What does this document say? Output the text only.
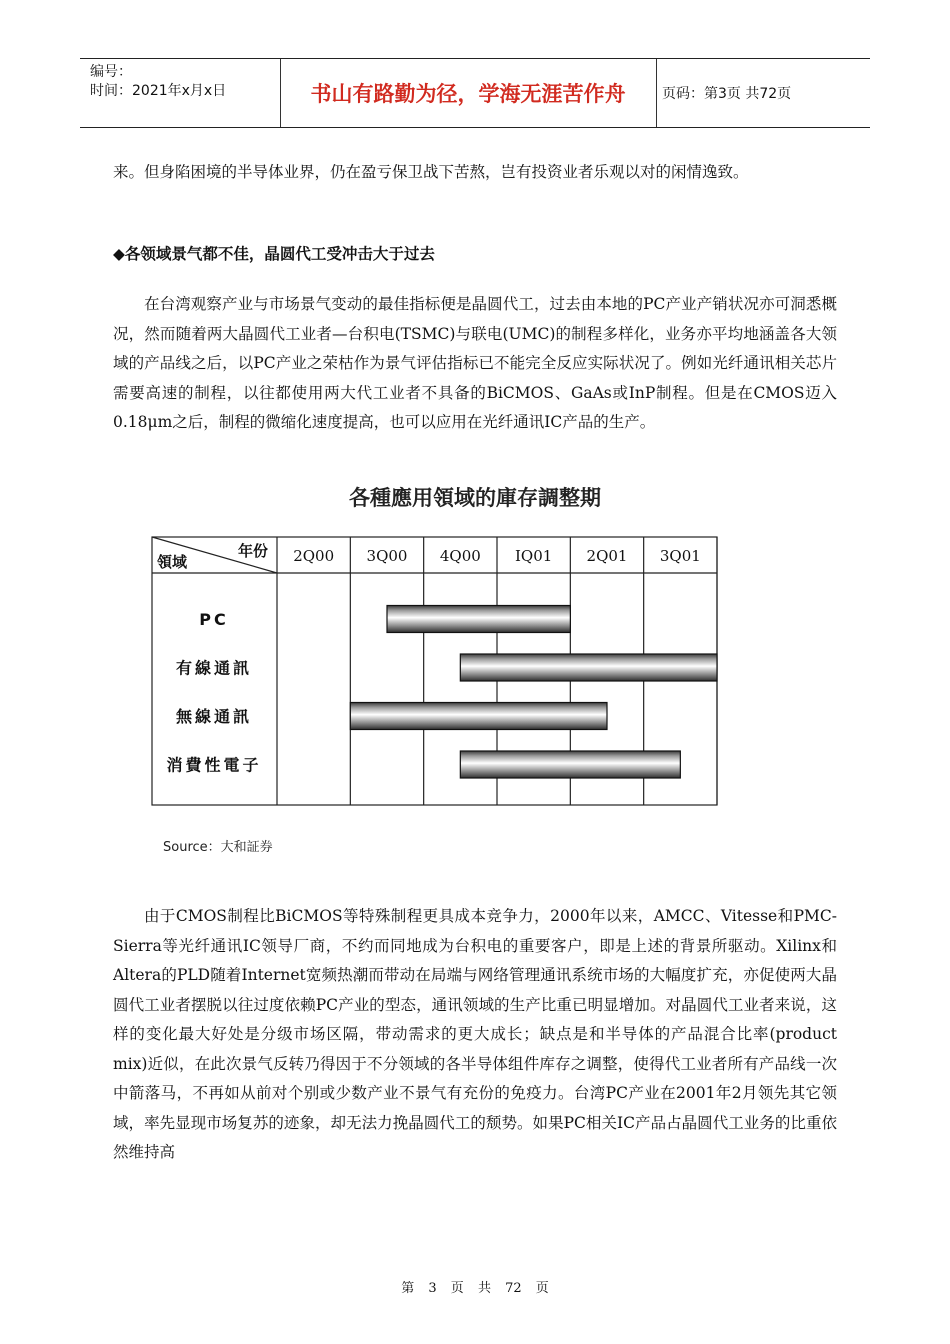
编号：
时间：2021年x月x日	书山有路勤为径，学海无涯苦作舟	页码：第3页 共72页

来。但身陷困境的半导体业界，仍在盈亏保卫战下苦熬，岂有投资业者乐观以对的闲情逸致。

◆各领域景气都不佳，晶圆代工受冲击大于过去

在台湾观察产业与市场景气变动的最佳指标便是晶圆代工，过去由本地的PC产业产销状况亦可洞悉概况，然而随着两大晶圆代工业者—台积电(TSMC)与联电(UMC)的制程多样化，业务亦平均地涵盖各大领域的产品线之后，以PC产业之荣枯作为景气评估指标已不能完全反应实际状况了。例如光纤通讯相关芯片需要高速的制程，以往都使用两大代工业者不具备的BiCMOS、GaAs或InP制程。但是在CMOS迈入0.18μm之后，制程的微缩化速度提高，也可以应用在光纤通讯IC产品的生产。

各種應用領域的庫存調整期
年份
領域	2Q00 3Q00 4Q00 IQ01 2Q01 3Q01
PC
有線通訊
無線通訊
消費性電子
Source：大和証券

由于CMOS制程比BiCMOS等特殊制程更具成本竞争力，2000年以来，AMCC、Vitesse和PMC-Sierra等光纤通讯IC领导厂商，不约而同地成为台积电的重要客户，即是上述的背景所驱动。Xilinx和Altera的PLD随着Internet宽频热潮而带动在局端与网络管理通讯系统市场的大幅度扩充，亦促使两大晶圆代工业者摆脱以往过度依赖PC产业的型态，通讯领域的生产比重已明显增加。对晶圆代工业者来说，这样的变化最大好处是分级市场区隔，带动需求的更大成长；缺点是和半导体的产品混合比率(product mix)近似，在此次景气反转乃得因于不分领域的各半导体组件库存之调整，使得代工业者所有产品线一次中箭落马，不再如从前对个别或少数产业不景气有充份的免疫力。台湾PC产业在2001年2月领先其它领域，率先显现市场复苏的迹象，却无法力挽晶圆代工的颓势。如果PC相关IC产品占晶圆代工业务的比重依然维持高

第 3 页 共 72 页
